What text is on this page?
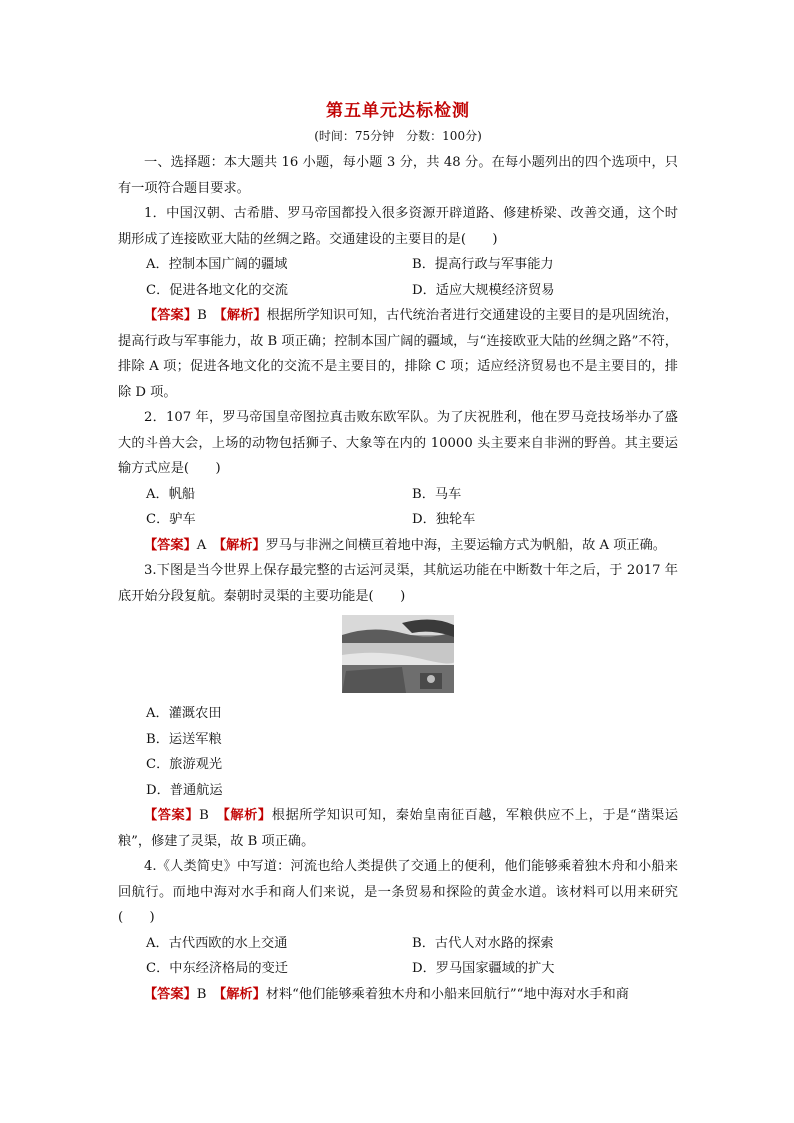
第五单元达标检测
(时间：75分钟　分数：100分)

一、选择题：本大题共 16 小题，每小题 3 分，共 48 分。在每小题列出的四个选项中，只有一项符合题目要求。

1．中国汉朝、古希腊、罗马帝国都投入很多资源开辟道路、修建桥梁、改善交通，这个时期形成了连接欧亚大陆的丝绸之路。交通建设的主要目的是(　　)

A．控制本国广阔的疆域	B．提高行政与军事能力
C．促进各地文化的交流	D．适应大规模经济贸易

【答案】B　 【解析】根据所学知识可知，古代统治者进行交通建设的主要目的是巩固统治，提高行政与军事能力，故 B 项正确；控制本国广阔的疆域，与“连接欧亚大陆的丝绸之路”不符，排除 A 项；促进各地文化的交流不是主要目的，排除 C 项；适应经济贸易也不是主要目的，排除 D 项。

2．107 年，罗马帝国皇帝图拉真击败东欧军队。为了庆祝胜利，他在罗马竞技场举办了盛大的斗兽大会，上场的动物包括狮子、大象等在内的 10000 头主要来自非洲的野兽。其主要运输方式应是(　　)

A．帆船	B．马车
C．驴车	D．独轮车

【答案】A　 【解析】罗马与非洲之间横亘着地中海，主要运输方式为帆船，故 A 项正确。

3.下图是当今世界上保存最完整的古运河灵渠，其航运功能在中断数十年之后，于 2017 年底开始分段复航。秦朝时灵渠的主要功能是(　　)

A．灌溉农田
B．运送军粮
C．旅游观光
D．普通航运

【答案】B　 【解析】根据所学知识可知，秦始皇南征百越，军粮供应不上，于是“凿渠运粮”，修建了灵渠，故 B 项正确。

4.《人类简史》中写道：河流也给人类提供了交通上的便利，他们能够乘着独木舟和小船来回航行。而地中海对水手和商人们来说，是一条贸易和探险的黄金水道。该材料可以用来研究(　　)

A．古代西欧的水上交通	B．古代人对水路的探索
C．中东经济格局的变迁	D．罗马国家疆域的扩大

【答案】B　 【解析】材料“他们能够乘着独木舟和小船来回航行”“地中海对水手和商
